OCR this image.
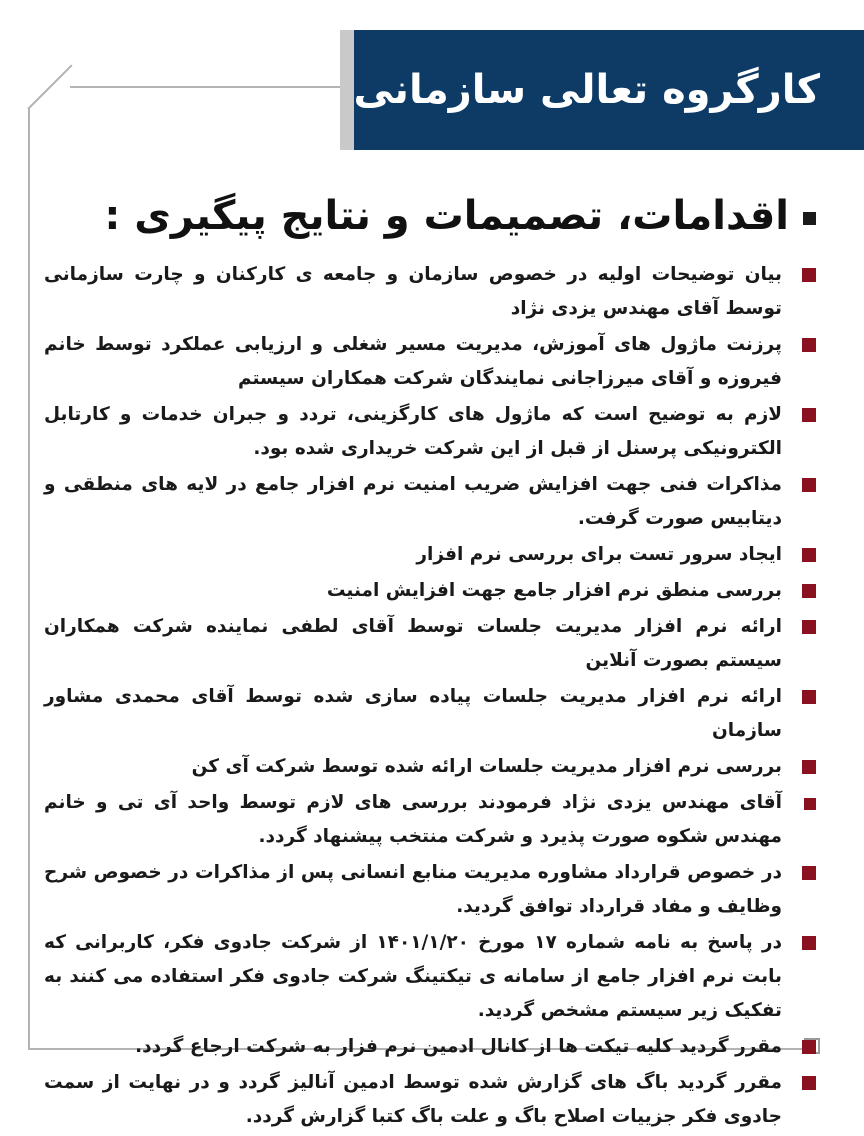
کارگروه تعالی سازمانی
اقدامات، تصمیمات و نتایج پیگیری :
بیان توضیحات اولیه در خصوص سازمان و جامعه ی کارکنان و چارت سازمانی توسط آقای مهندس یزدی نژاد
پرزنت ماژول های آموزش، مدیریت مسیر شغلی و ارزیابی عملکرد توسط خانم فیروزه و آقای میرزاجانی نمایندگان شرکت همکاران سیستم
لازم به توضیح است که ماژول های کارگزینی، تردد و جبران خدمات و کارتابل الکترونیکی پرسنل از قبل از این شرکت خریداری شده بود.
مذاکرات فنی جهت افزایش ضریب امنیت نرم افزار جامع در لایه های منطقی و دیتابیس صورت گرفت.
ایجاد سرور تست برای بررسی نرم افزار
بررسی منطق نرم افزار جامع جهت افزایش امنیت
ارائه نرم افزار مدیریت جلسات توسط آقای لطفی نماینده شرکت همکاران سیستم بصورت آنلاین
ارائه نرم افزار مدیریت جلسات پیاده سازی شده توسط آقای محمدی مشاور سازمان
بررسی نرم افزار مدیریت جلسات ارائه شده توسط شرکت آی کن
آقای مهندس یزدی نژاد فرمودند بررسی های لازم توسط واحد آی تی و خانم مهندس شکوه صورت پذیرد و شرکت منتخب پیشنهاد گردد.
در خصوص قرارداد مشاوره مدیریت منابع انسانی پس از مذاکرات در خصوص شرح وظایف و مفاد قرارداد توافق گردید.
در پاسخ به نامه شماره ۱۷ مورخ ۱۴۰۱/۱/۲۰ از شرکت جادوی فکر، کاربرانی که بابت نرم افزار جامع از سامانه ی تیکتینگ شرکت جادوی فکر استفاده می کنند به تفکیک زیر سیستم مشخص گردید.
مقرر گردید کلیه تیکت ها از کانال ادمین نرم فزار به شرکت ارجاع گردد.
مقرر گردید باگ های گزارش شده توسط ادمین آنالیز گردد و در نهایت از سمت جادوی فکر جزییات اصلاح باگ و علت باگ کتبا گزارش گردد.
